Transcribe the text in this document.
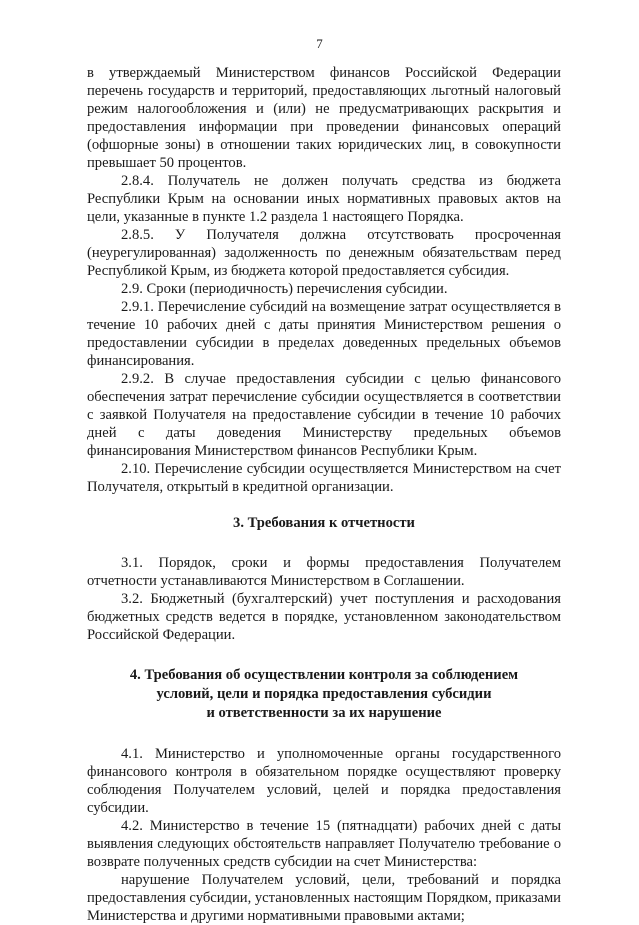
7

в утверждаемый Министерством финансов Российской Федерации перечень государств и территорий, предоставляющих льготный налоговый режим налогообложения и (или) не предусматривающих раскрытия и предоставления информации при проведении финансовых операций (офшорные зоны) в отношении таких юридических лиц, в совокупности превышает 50 процентов.

2.8.4. Получатель не должен получать средства из бюджета Республики Крым на основании иных нормативных правовых актов на цели, указанные в пункте 1.2 раздела 1 настоящего Порядка.

2.8.5. У Получателя должна отсутствовать просроченная (неурегулированная) задолженность по денежным обязательствам перед Республикой Крым, из бюджета которой предоставляется субсидия.

2.9. Сроки (периодичность) перечисления субсидии.

2.9.1. Перечисление субсидий на возмещение затрат осуществляется в течение 10 рабочих дней с даты принятия Министерством решения о предоставлении субсидии в пределах доведенных предельных объемов финансирования.

2.9.2. В случае предоставления субсидии с целью финансового обеспечения затрат перечисление субсидии осуществляется в соответствии с заявкой Получателя на предоставление субсидии в течение 10 рабочих дней с даты доведения Министерству предельных объемов финансирования Министерством финансов Республики Крым.

2.10. Перечисление субсидии осуществляется Министерством на счет Получателя, открытый в кредитной организации.

3. Требования к отчетности

3.1. Порядок, сроки и формы предоставления Получателем отчетности устанавливаются Министерством в Соглашении.

3.2. Бюджетный (бухгалтерский) учет поступления и расходования бюджетных средств ведется в порядке, установленном законодательством Российской Федерации.

4. Требования об осуществлении контроля за соблюдением

условий, цели и порядка предоставления субсидии

и ответственности за их нарушение

4.1. Министерство и уполномоченные органы государственного финансового контроля в обязательном порядке осуществляют проверку соблюдения Получателем условий, целей и порядка предоставления субсидии.

4.2. Министерство в течение 15 (пятнадцати) рабочих дней с даты выявления следующих обстоятельств направляет Получателю требование о возврате полученных средств субсидии на счет Министерства:

нарушение Получателем условий, цели, требований и порядка предоставления субсидии, установленных настоящим Порядком, приказами Министерства и другими нормативными правовыми актами;
